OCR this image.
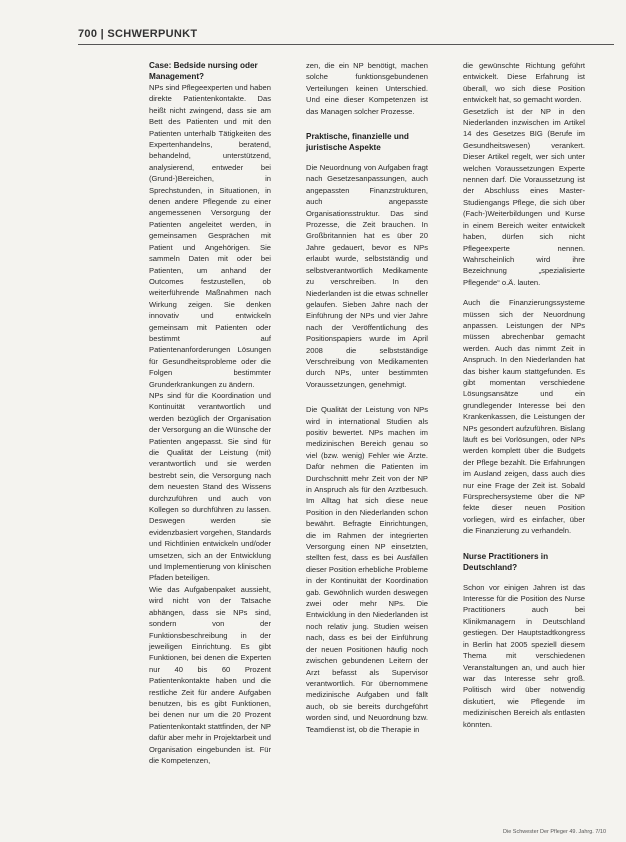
700 | SCHWERPUNKT

Case: Bedside nursing oder Management?

NPs sind Pflegeexperten und haben direkte Patientenkontakte. Das heißt nicht zwingend, dass sie am Bett des Patienten und mit den Patienten unterhalb Tätigkeiten des Expertenhandelns, beratend, behandelnd, unterstützend, analysierend, entweder bei (Grund-)Bereichen, in Sprechstunden, in Situationen, in denen andere Pflegende zu einer angemessenen Versorgung der Patienten angeleitet werden, in gemeinsamen Gesprächen mit Patient und Angehörigen. Sie sammeln Daten mit oder bei Patienten, um anhand der Outcomes festzustellen, ob weiterführende Maßnahmen nach Wirkung zeigen. Sie denken innovativ und entwickeln gemeinsam mit Patienten oder bestimmt auf Patientenanforderungen Lösungen für Gesundheitsprobleme oder die Folgen bestimmter Grunderkrankungen zu ändern.

NPs sind für die Koordination und Kontinuität verantwortlich und werden bezüglich der Organisation der Versorgung an die Wünsche der Patienten angepasst. Sie sind für die Qualität der Leistung (mit) verantwortlich und sie werden bestrebt sein, die Versorgung nach dem neuesten Stand des Wissens durchzuführen und auch von Kollegen so durchführen zu lassen. Deswegen werden sie evidenzbasiert vorgehen, Standards und Richtlinien entwickeln und/oder umsetzen, sich an der Entwicklung und Implementierung von klinischen Pfaden beteiligen.

Wie das Aufgabenpaket aussieht, wird nicht von der Tatsache abhängen, dass sie NPs sind, sondern von der Funktionsbeschreibung in der jeweiligen Einrichtung. Es gibt Funktionen, bei denen die Experten nur 40 bis 60 Prozent Patientenkontakte haben und die restliche Zeit für andere Aufgaben benutzen, bis es gibt Funktionen, bei denen nur um die 20 Prozent Patientenkontakt stattfinden, der NP dafür aber mehr in Projektarbeit und Organisation eingebunden ist. Für die Kompetenzen,

zen, die ein NP benötigt, machen solche funktionsgebundenen Verteilungen keinen Unterschied. Und eine dieser Kompetenzen ist das Managen solcher Prozesse.

Praktische, finanzielle und juristische Aspekte

Die Neuordnung von Aufgaben fragt nach Gesetzesanpassungen, auch angepassten Finanzstrukturen, auch angepasste Organisationsstruktur. Das sind Prozesse, die Zeit brauchen. In Großbritannien hat es über 20 Jahre gedauert, bevor es NPs erlaubt wurde, selbstständig und selbstverantwortlich Medikamente zu verschreiben. In den Niederlanden ist die etwas schneller gelaufen. Sieben Jahre nach der Einführung der NPs und vier Jahre nach der Veröffentlichung des Positionspapiers wurde im April 2008 die selbstständige Verschreibung von Medikamenten durch NPs, unter bestimmten Voraussetzungen, genehmigt.

Die Qualität der Leistung von NPs wird in international Studien als positiv bewertet. NPs machen im medizinischen Bereich genau so viel (bzw. wenig) Fehler wie Ärzte. Dafür nehmen die Patienten im Durchschnitt mehr Zeit von der NP in Anspruch als für den Arztbesuch. Im Alltag hat sich diese neue Position in den Niederlanden schon bewährt. Befragte Einrichtungen, die im Rahmen der integrierten Versorgung einen NP einsetzten, stellten fest, dass es bei Ausfällen dieser Position erhebliche Probleme in der Kontinuität der Koordination gab. Gewöhnlich wurden deswegen zwei oder mehr NPs. Die Entwicklung in den Niederlanden ist noch relativ jung. Studien weisen nach, dass es bei der Einführung der neuen Positionen häufig noch zwischen gebundenen Leitern der Arzt befasst als Supervisor verantwortlich. Für übernommene medizinische Aufgaben und fällt auch, ob sie bereits durchgeführt worden sind, und Neuordnung bzw. Teamdienst ist, ob die Therapie in

die gewünschte Richtung geführt entwickelt. Diese Erfahrung ist überall, wo sich diese Position entwickelt hat, so gemacht worden.

Gesetzlich ist der NP in den Niederlanden inzwischen im Artikel 14 des Gesetzes BIG (Berufe im Gesundheitswesen) verankert. Dieser Artikel regelt, wer sich unter welchen Voraussetzungen Experte nennen darf. Die Voraussetzung ist der Abschluss eines Master-Studiengangs Pflege, die sich über (Fach-)Weiterbildungen und Kurse in einem Bereich weiter entwickelt haben, dürfen sich nicht Pflegeexperte nennen. Wahrscheinlich wird ihre Bezeichnung „spezialisierte Pflegende“ o.Ä. lauten.

Auch die Finanzierungssysteme müssen sich der Neuordnung anpassen. Leistungen der NPs müssen abrechenbar gemacht werden. Auch das nimmt Zeit in Anspruch. In den Niederlanden hat das bisher kaum stattgefunden. Es gibt momentan verschiedene Lösungsansätze und ein grundlegender Interesse bei den Krankenkassen, die Leistungen der NPs gesondert aufzuführen. Bislang läuft es bei Vorlösungen, oder NPs werden komplett über die Budgets der Pflege bezahlt. Die Erfahrungen im Ausland zeigen, dass auch dies nur eine Frage der Zeit ist. Sobald Fürsprechersysteme über die NP fekte dieser neuen Position vorliegen, wird es einfacher, über die Finanzierung zu verhandeln.

Nurse Practitioners in Deutschland?

Schon vor einigen Jahren ist das Interesse für die Position des Nurse Practitioners auch bei Klinikmanagern in Deutschland gestiegen. Der Hauptstadtkongress in Berlin hat 2005 speziell diesem Thema mit verschiedenen Veranstaltungen an, und auch hier war das Interesse sehr groß. Politisch wird über notwendig diskutiert, wie Pflegende im medizinischen Bereich als entlasten könnten.

Die Schwester Der Pfleger 49. Jahrg. 7/10
